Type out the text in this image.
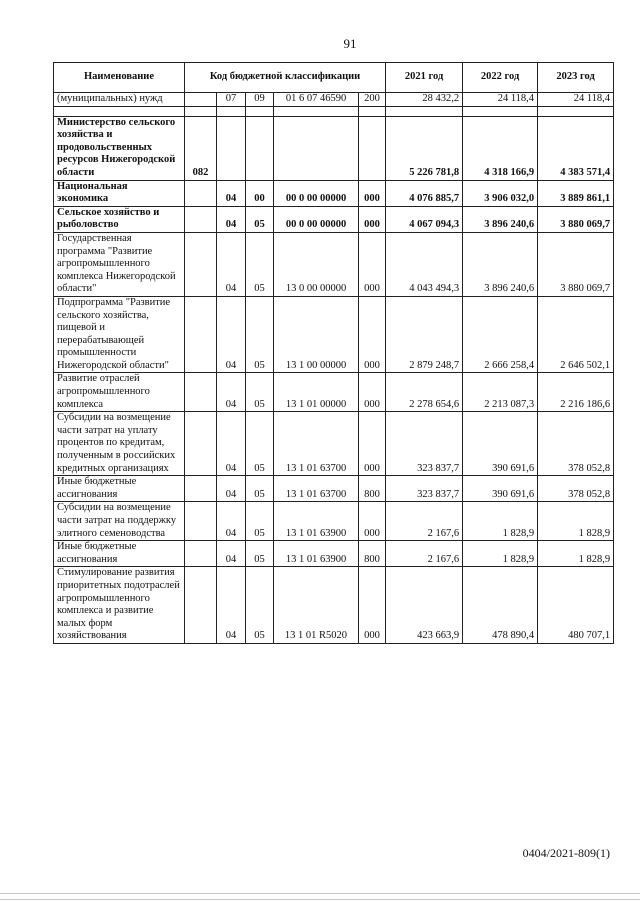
91
Наименование	Код бюджетной классификации					2021 год	2022 год	2023 год
(муниципальных) нужд		07	09	01 6 07 46590	200	28 432,2	24 118,4	24 118,4

Министерство сельского хозяйства и продовольственных ресурсов Нижегородской области	082					5 226 781,8	4 318 166,9	4 383 571,4
Национальная экономика		04	00	00 0 00 00000	000	4 076 885,7	3 906 032,0	3 889 861,1
Сельское хозяйство и рыболовство		04	05	00 0 00 00000	000	4 067 094,3	3 896 240,6	3 880 069,7
Государственная программа "Развитие агропромышленного комплекса Нижегородской области"		04	05	13 0 00 00000	000	4 043 494,3	3 896 240,6	3 880 069,7
Подпрограмма "Развитие сельского хозяйства, пищевой и перерабатывающей промышленности Нижегородской области"		04	05	13 1 00 00000	000	2 879 248,7	2 666 258,4	2 646 502,1
Развитие отраслей агропромышленного комплекса		04	05	13 1 01 00000	000	2 278 654,6	2 213 087,3	2 216 186,6
Субсидии на возмещение части затрат на уплату процентов по кредитам, полученным в российских кредитных организациях		04	05	13 1 01 63700	000	323 837,7	390 691,6	378 052,8
Иные бюджетные ассигнования		04	05	13 1 01 63700	800	323 837,7	390 691,6	378 052,8
Субсидии на возмещение части затрат на поддержку элитного семеноводства		04	05	13 1 01 63900	000	2 167,6	1 828,9	1 828,9
Иные бюджетные ассигнования		04	05	13 1 01 63900	800	2 167,6	1 828,9	1 828,9
Стимулирование развития приоритетных подотраслей агропромышленного комплекса и развитие малых форм хозяйствования		04	05	13 1 01 R5020	000	423 663,9	478 890,4	480 707,1
0404/2021-809(1)
